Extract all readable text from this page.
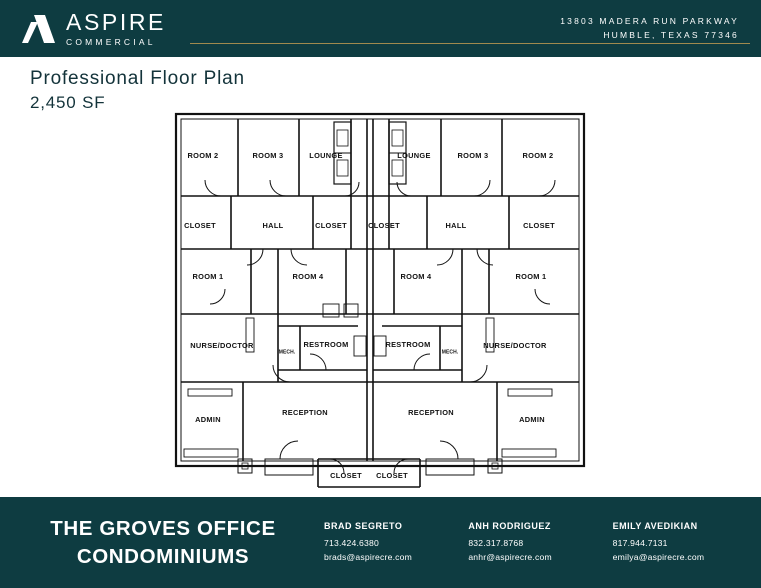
ASPIRE
COMMERCIAL
13803 MADERA RUN PARKWAY
HUMBLE, TEXAS 77346
Professional Floor Plan
2,450 SF
ROOM 2	ROOM 3	LOUNGE	LOUNGE	ROOM 3	ROOM 2
CLOSET	HALL	CLOSET	CLOSET	HALL	CLOSET
ROOM 1	ROOM 4	ROOM 4	ROOM 1
NURSE/DOCTOR
MECH.
RESTROOM	RESTROOM
MECH.
NURSE/DOCTOR
ADMIN
RECEPTION	RECEPTION
ADMIN
CLOSET CLOSET
THE GROVES OFFICE
CONDOMINIUMS
BRAD SEGRETO
713.424.6380
brads@aspirecre.com
ANH RODRIGUEZ
832.317.8768
anhr@aspirecre.com
EMILY AVEDIKIAN
817.944.7131
emilya@aspirecre.com
